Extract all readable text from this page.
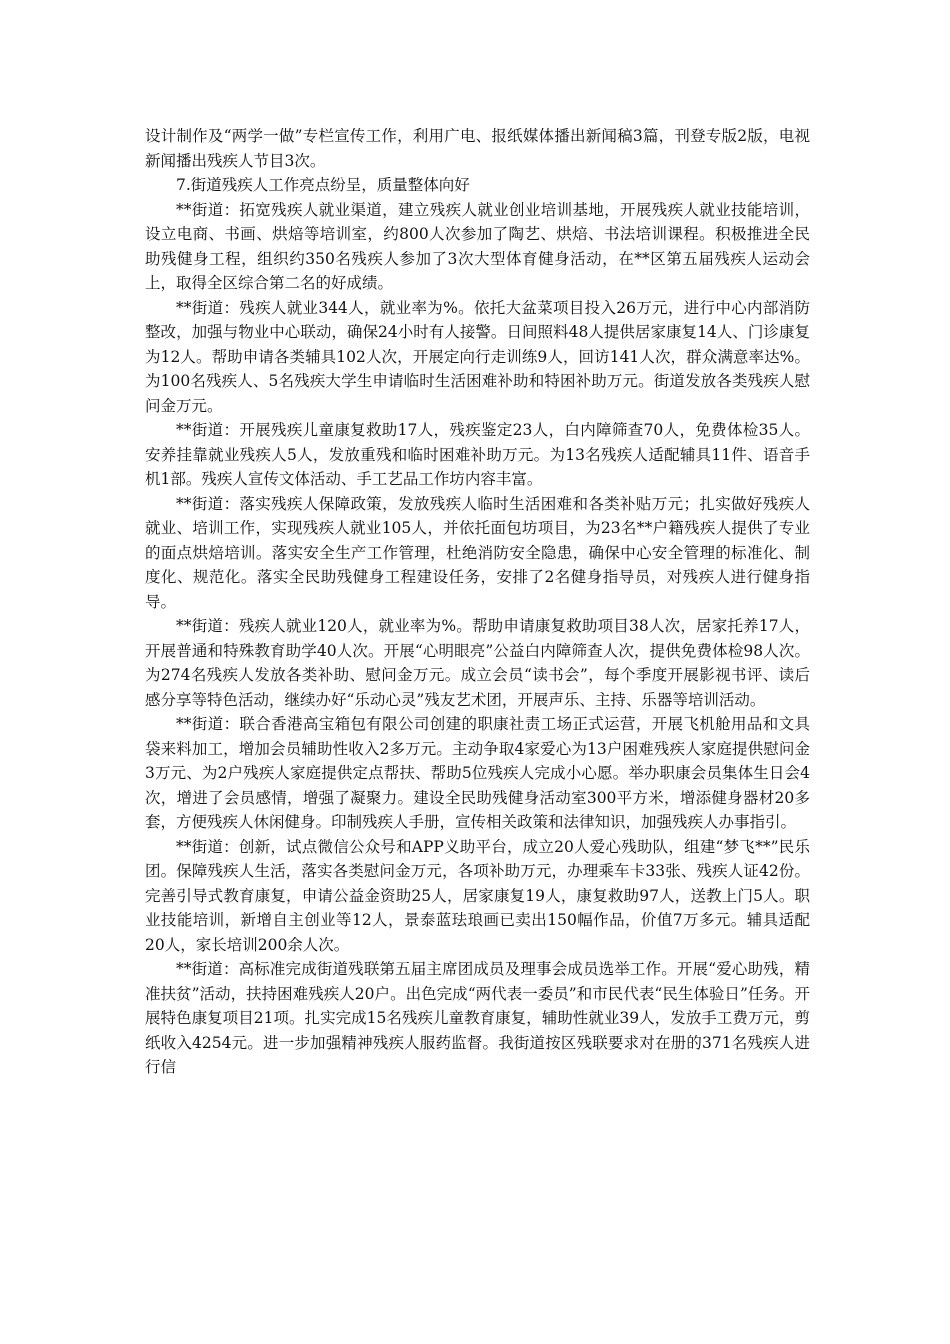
设计制作及“两学一做”专栏宣传工作，利用广电、报纸媒体播出新闻稿3篇，刊登专版2版，电视新闻播出残疾人节目3次。

7.街道残疾人工作亮点纷呈，质量整体向好

**街道：拓宽残疾人就业渠道，建立残疾人就业创业培训基地，开展残疾人就业技能培训，设立电商、书画、烘焙等培训室，约800人次参加了陶艺、烘焙、书法培训课程。积极推进全民助残健身工程，组织约350名残疾人参加了3次大型体育健身活动，在**区第五届残疾人运动会上，取得全区综合第二名的好成绩。

**街道：残疾人就业344人，就业率为%。依托大盆菜项目投入26万元，进行中心内部消防整改，加强与物业中心联动，确保24小时有人接警。日间照料48人提供居家康复14人、门诊康复为12人。帮助申请各类辅具102人次，开展定向行走训练9人，回访141人次，群众满意率达%。为100名残疾人、5名残疾大学生申请临时生活困难补助和特困补助万元。街道发放各类残疾人慰问金万元。

**街道：开展残疾儿童康复救助17人，残疾鉴定23人，白内障筛查70人，免费体检35人。安养挂靠就业残疾人5人，发放重残和临时困难补助万元。为13名残疾人适配辅具11件、语音手机1部。残疾人宣传文体活动、手工艺品工作坊内容丰富。

**街道：落实残疾人保障政策，发放残疾人临时生活困难和各类补贴万元；扎实做好残疾人就业、培训工作，实现残疾人就业105人，并依托面包坊项目，为23名**户籍残疾人提供了专业的面点烘焙培训。落实安全生产工作管理，杜绝消防安全隐患，确保中心安全管理的标准化、制度化、规范化。落实全民助残健身工程建设任务，安排了2名健身指导员，对残疾人进行健身指导。

**街道：残疾人就业120人，就业率为%。帮助申请康复救助项目38人次，居家托养17人，开展普通和特殊教育助学40人次。开展“心明眼亮”公益白内障筛查人次，提供免费体检98人次。为274名残疾人发放各类补助、慰问金万元。成立会员“读书会”，每个季度开展影视书评、读后感分享等特色活动，继续办好“乐动心灵”残友艺术团，开展声乐、主持、乐器等培训活动。

**街道：联合香港高宝箱包有限公司创建的职康社责工场正式运营，开展飞机舱用品和文具袋来料加工，增加会员辅助性收入2多万元。主动争取4家爱心为13户困难残疾人家庭提供慰问金3万元、为2户残疾人家庭提供定点帮扶、帮助5位残疾人完成小心愿。举办职康会员集体生日会4次，增进了会员感情，增强了凝聚力。建设全民助残健身活动室300平方米，增添健身器材20多套，方便残疾人休闲健身。印制残疾人手册，宣传相关政策和法律知识，加强残疾人办事指引。

**街道：创新，试点微信公众号和APP义助平台，成立20人爱心残助队，组建“梦飞**”民乐团。保障残疾人生活，落实各类慰问金万元，各项补助万元，办理乘车卡33张、残疾人证42份。完善引导式教育康复，申请公益金资助25人，居家康复19人，康复救助97人，送教上门5人。职业技能培训，新增自主创业等12人，景泰蓝珐琅画已卖出150幅作品，价值7万多元。辅具适配20人，家长培训200余人次。

**街道：高标准完成街道残联第五届主席团成员及理事会成员选举工作。开展“爱心助残，精准扶贫”活动，扶持困难残疾人20户。出色完成“两代表一委员”和市民代表“民生体验日”任务。开展特色康复项目21项。扎实完成15名残疾儿童教育康复，辅助性就业39人，发放手工费万元，剪纸收入4254元。进一步加强精神残疾人服药监督。我街道按区残联要求对在册的371名残疾人进行信
